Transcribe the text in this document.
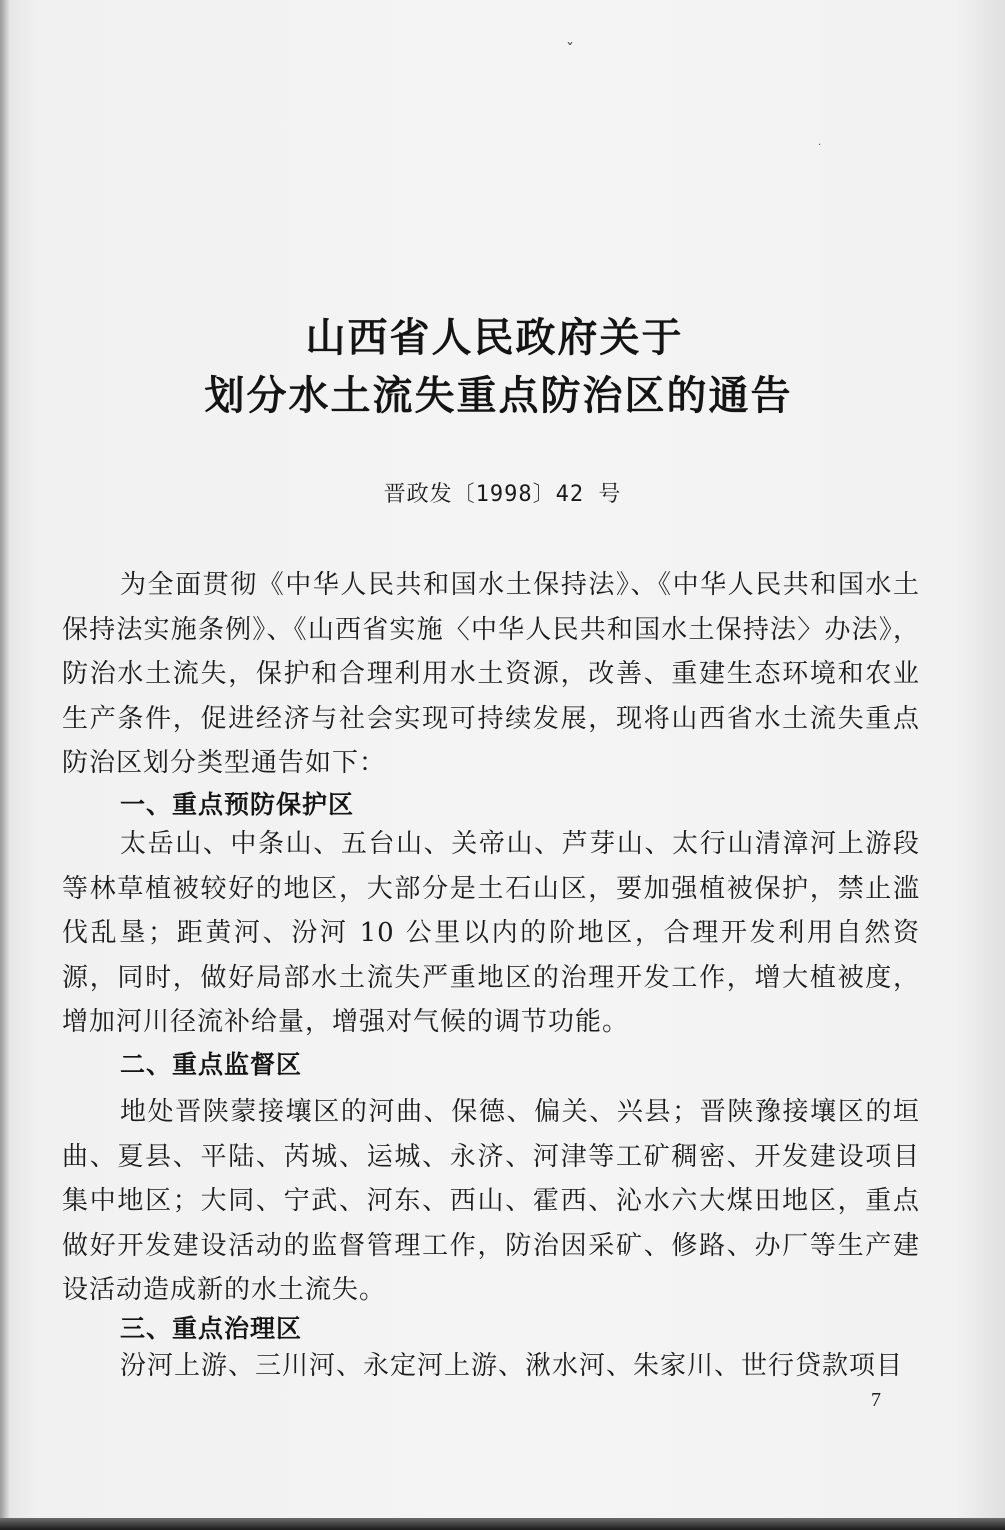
ˇ
·
山西省人民政府关于
划分水土流失重点防治区的通告
晋政发〔1998〕42 号

为全面贯彻《中华人民共和国水土保持法》、《中华人民共和国水土保持法实施条例》、《山西省实施〈中华人民共和国水土保持法〉办法》，防治水土流失，保护和合理利用水土资源，改善、重建生态环境和农业生产条件，促进经济与社会实现可持续发展，现将山西省水土流失重点防治区划分类型通告如下：

一、重点预防保护区

太岳山、中条山、五台山、关帝山、芦芽山、太行山清漳河上游段等林草植被较好的地区，大部分是土石山区，要加强植被保护，禁止滥伐乱垦；距黄河、汾河 10 公里以内的阶地区，合理开发利用自然资源，同时，做好局部水土流失严重地区的治理开发工作，增大植被度，增加河川径流补给量，增强对气候的调节功能。

二、重点监督区

地处晋陕蒙接壤区的河曲、保德、偏关、兴县；晋陕豫接壤区的垣曲、夏县、平陆、芮城、运城、永济、河津等工矿稠密、开发建设项目集中地区；大同、宁武、河东、西山、霍西、沁水六大煤田地区，重点做好开发建设活动的监督管理工作，防治因采矿、修路、办厂等生产建设活动造成新的水土流失。

三、重点治理区

汾河上游、三川河、永定河上游、湫水河、朱家川、世行贷款项目

7
